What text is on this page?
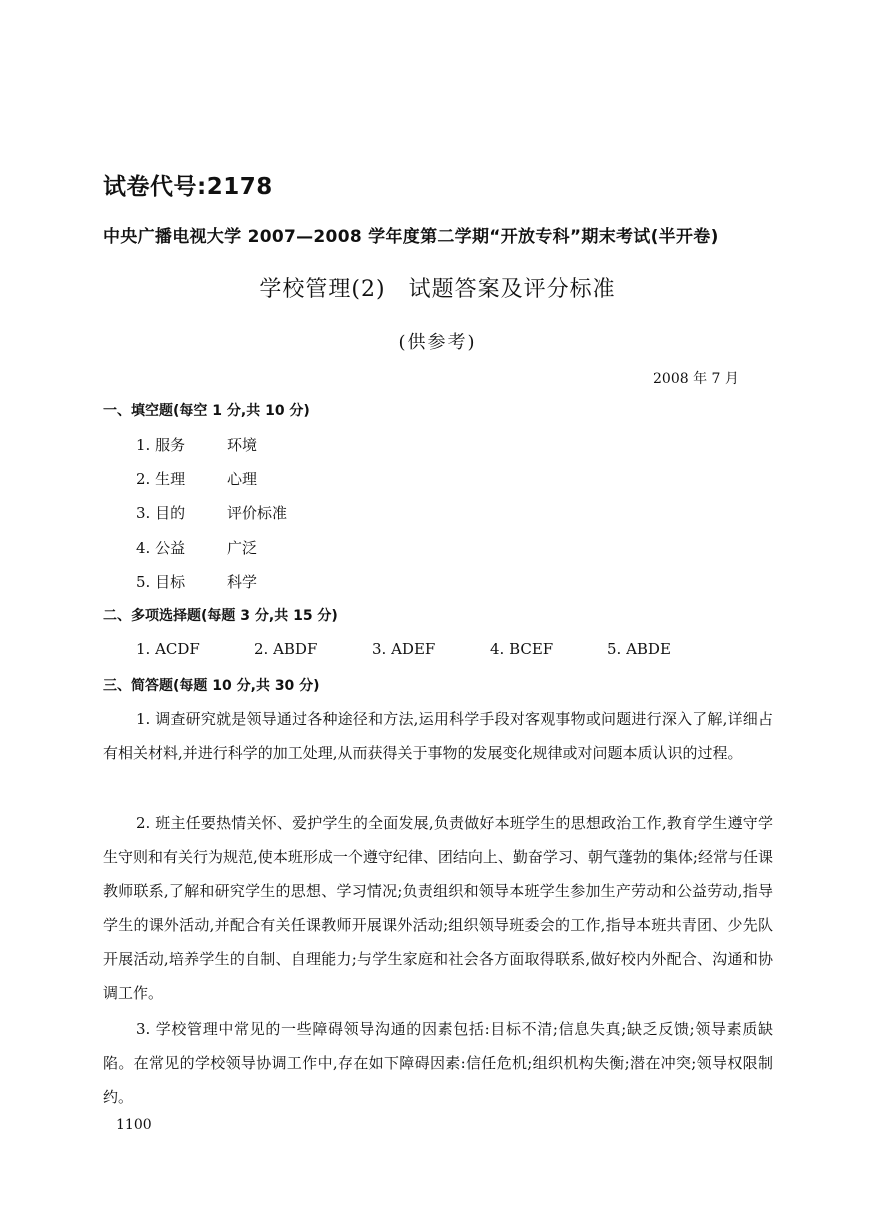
试卷代号:2178
中央广播电视大学 2007—2008 学年度第二学期“开放专科”期末考试(半开卷)
学校管理(2)　试题答案及评分标准
(供参考)
2008 年 7 月
一、填空题(每空 1 分,共 10 分)
1. 服务	环境
2. 生理	心理
3. 目的	评价标准
4. 公益	广泛
5. 目标	科学
二、多项选择题(每题 3 分,共 15 分)
1. ACDF	2. ABDF	3. ADEF	4. BCEF	5. ABDE
三、简答题(每题 10 分,共 30 分)
1. 调查研究就是领导通过各种途径和方法,运用科学手段对客观事物或问题进行深入了解,详细占有相关材料,并进行科学的加工处理,从而获得关于事物的发展变化规律或对问题本质认识的过程。
2. 班主任要热情关怀、爱护学生的全面发展,负责做好本班学生的思想政治工作,教育学生遵守学生守则和有关行为规范,使本班形成一个遵守纪律、团结向上、勤奋学习、朝气蓬勃的集体;经常与任课教师联系,了解和研究学生的思想、学习情况;负责组织和领导本班学生参加生产劳动和公益劳动,指导学生的课外活动,并配合有关任课教师开展课外活动;组织领导班委会的工作,指导本班共青团、少先队开展活动,培养学生的自制、自理能力;与学生家庭和社会各方面取得联系,做好校内外配合、沟通和协调工作。
3. 学校管理中常见的一些障碍领导沟通的因素包括:目标不清;信息失真;缺乏反馈;领导素质缺陷。在常见的学校领导协调工作中,存在如下障碍因素:信任危机;组织机构失衡;潜在冲突;领导权限制约。
1100
